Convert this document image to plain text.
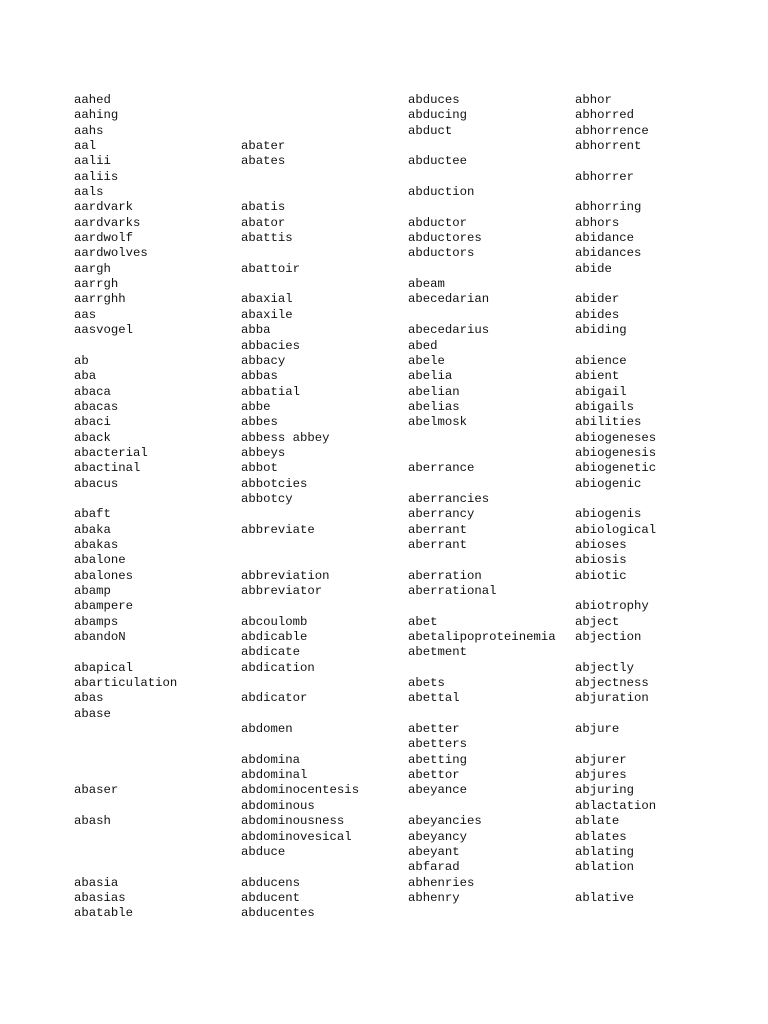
aahed
aahing
aahs
aal
aalii
aaliis
aals
aardvark
aardvarks
aardwolf
aardwolves
aargh
aarrgh
aarrghh
aas
aasvogel
ab
aba
abaca
abacas
abaci
aback
abacterial
abactinal
abacus
abaft
abaka
abakas
abalone
abalones
abamp
abampere
abamps
abandoN
abapical
abarticulation
abas
abase
abaser
abash
abasia
abasias
abatable
abater
abates
abatis
abator
abattis
abattoir
abaxial
abaxile
abba
abbacies
abbacy
abbas
abbatial
abbe
abbes
abbess abbey
abbeys
abbot
abbotcies
abbotcy
abbreviate
abbreviation
abbreviator
abcoulomb
abdicable
abdicate
abdication
abdicator
abdomen
abdomina
abdominal
abdominocentesis
abdominous
abdominousness
abdominovesical
abduce
abducens
abducent
abducentes
abduces
abducing
abduct
abductee
abduction
abductor
abductores
abductors
abeam
abecedarian
abecedarius
abed
abele
abelia
abelian
abelias
abelmosk
aberrance
aberrancies
aberrancy
aberrant
aberrant
aberration
aberrational
abet
abetalipoproteinemia
abetment
abets
abettal
abetter
abetters
abetting
abettor
abeyance
abeyancies
abeyancy
abeyant
abfarad
abhenries
abhenry
abhor
abhorred
abhorrence
abhorrent
abhorrer
abhorring
abhors
abidance
abidances
abide
abider
abides
abiding
abience
abient
abigail
abigails
abilities
abiogeneses
abiogenesis
abiogenetic
abiogenic
abiogenis
abiological
abioses
abiosis
abiotic
abiotrophy
abject
abjection
abjectly
abjectness
abjuration
abjure
abjurer
abjures
abjuring
ablactation
ablate
ablates
ablating
ablation
ablative
